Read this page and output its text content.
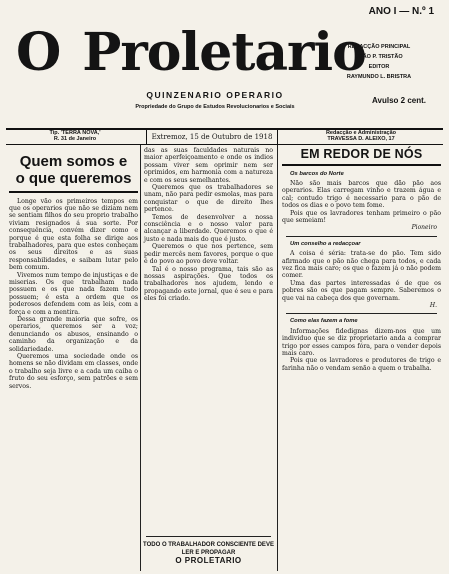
O Proletario
QUINZENARIO OPERARIO
Propriedade do Grupo de Estudos Revolucionarios e Sociais
ANO I — N.º 1
REDACÇÃO PRINCIPAL
JOÃO P. TRISTÃO
EDITOR
RAYMUNDO L. BRISTRA
Avulso 2 cent.
Tip. 'TERRA NOVA,'
R. 31 de Janeiro	Extremoz, 15 de Outubro de 1918	Redacção e Administração
TRAVESSA D. ALEIXO, 17
Quem somos e
o que queremos

Longe vão os primeiros tempos em que os operarios que não se diziam nem se sentiam filhos do seu proprio trabalho viviam resignados á sua sorte. Por consequência, convém dizer como e porque é que esta folha se dirige aos trabalhadores, para que estes conheçam os seus direitos e as suas responsabilidades, e saibam lutar pelo bem comum.

Vivemos num tempo de injustiças e de miserias. Os que trabalham nada possuem e os que nada fazem tudo possuem; é esta a ordem que os poderosos defendem com as leis, com a força e com a mentira.

Dessa grande maioria que sofre, os operarios, queremos ser a voz; denunciando os abusos, ensinando o caminho da organização e da solidariedade.

Queremos uma sociedade onde os homens se não dividam em classes, onde o trabalho seja livre e a cada um caiba o fruto do seu esforço, sem patrões e sem servos.

das as suas faculdades naturais no maior aperfeiçoamento e onde os indios possam viver sem oprimir nem ser oprimidos, em harmonia com a natureza e com os seus semelhantes.

Queremos que os trabalhadores se unam, não para pedir esmolas, mas para conquistar o que de direito lhes pertence.

Temos de desenvolver a nossa consciência e o nosso valor para alcançar a liberdade. Queremos o que é justo e nada mais do que é justo.

Queremos o que nos pertence, sem pedir mercês nem favores, porque o que é do povo ao povo deve voltar.

Tal é o nosso programa, tais são as nossas aspirações. Que todos os trabalhadores nos ajudem, lendo e propagando este jornal, que é seu e para eles foi criado.

TODO O TRABALHADOR CONSCIENTE DEVE LER E PROPAGAR
O PROLETARIO
EM REDOR DE NÓS
Os barcos do Norte

Não são mais barcos que dão pão aos operarios. Elas carregam vinho e trazem água e cal; contudo trigo é necessario para o pão de todos os dias e o povo tem fome.

Pois que os lavradores tenham primeiro o pão que semeiam!

Pioneiro
Um conselho a redacçoar

A coisa é séria: trata-se do pão. Tem sido afirmado que o pão não chega para todos, e cada vez fica mais caro; os que o fazem já o não podem comer.

Uma das partes interessadas é de que os pobres são os que pagam sempre. Saberemos o que vai na cabeça dos que governam.

H.
Como elas fazem a fome

Informações fidedignas dizem-nos que um individuo que se diz proprietario anda a comprar trigo por esses campos fóra, para o vender depois mais caro.

Pois que os lavradores e produtores de trigo e farinha não o vendam senão a quem o trabalha.
